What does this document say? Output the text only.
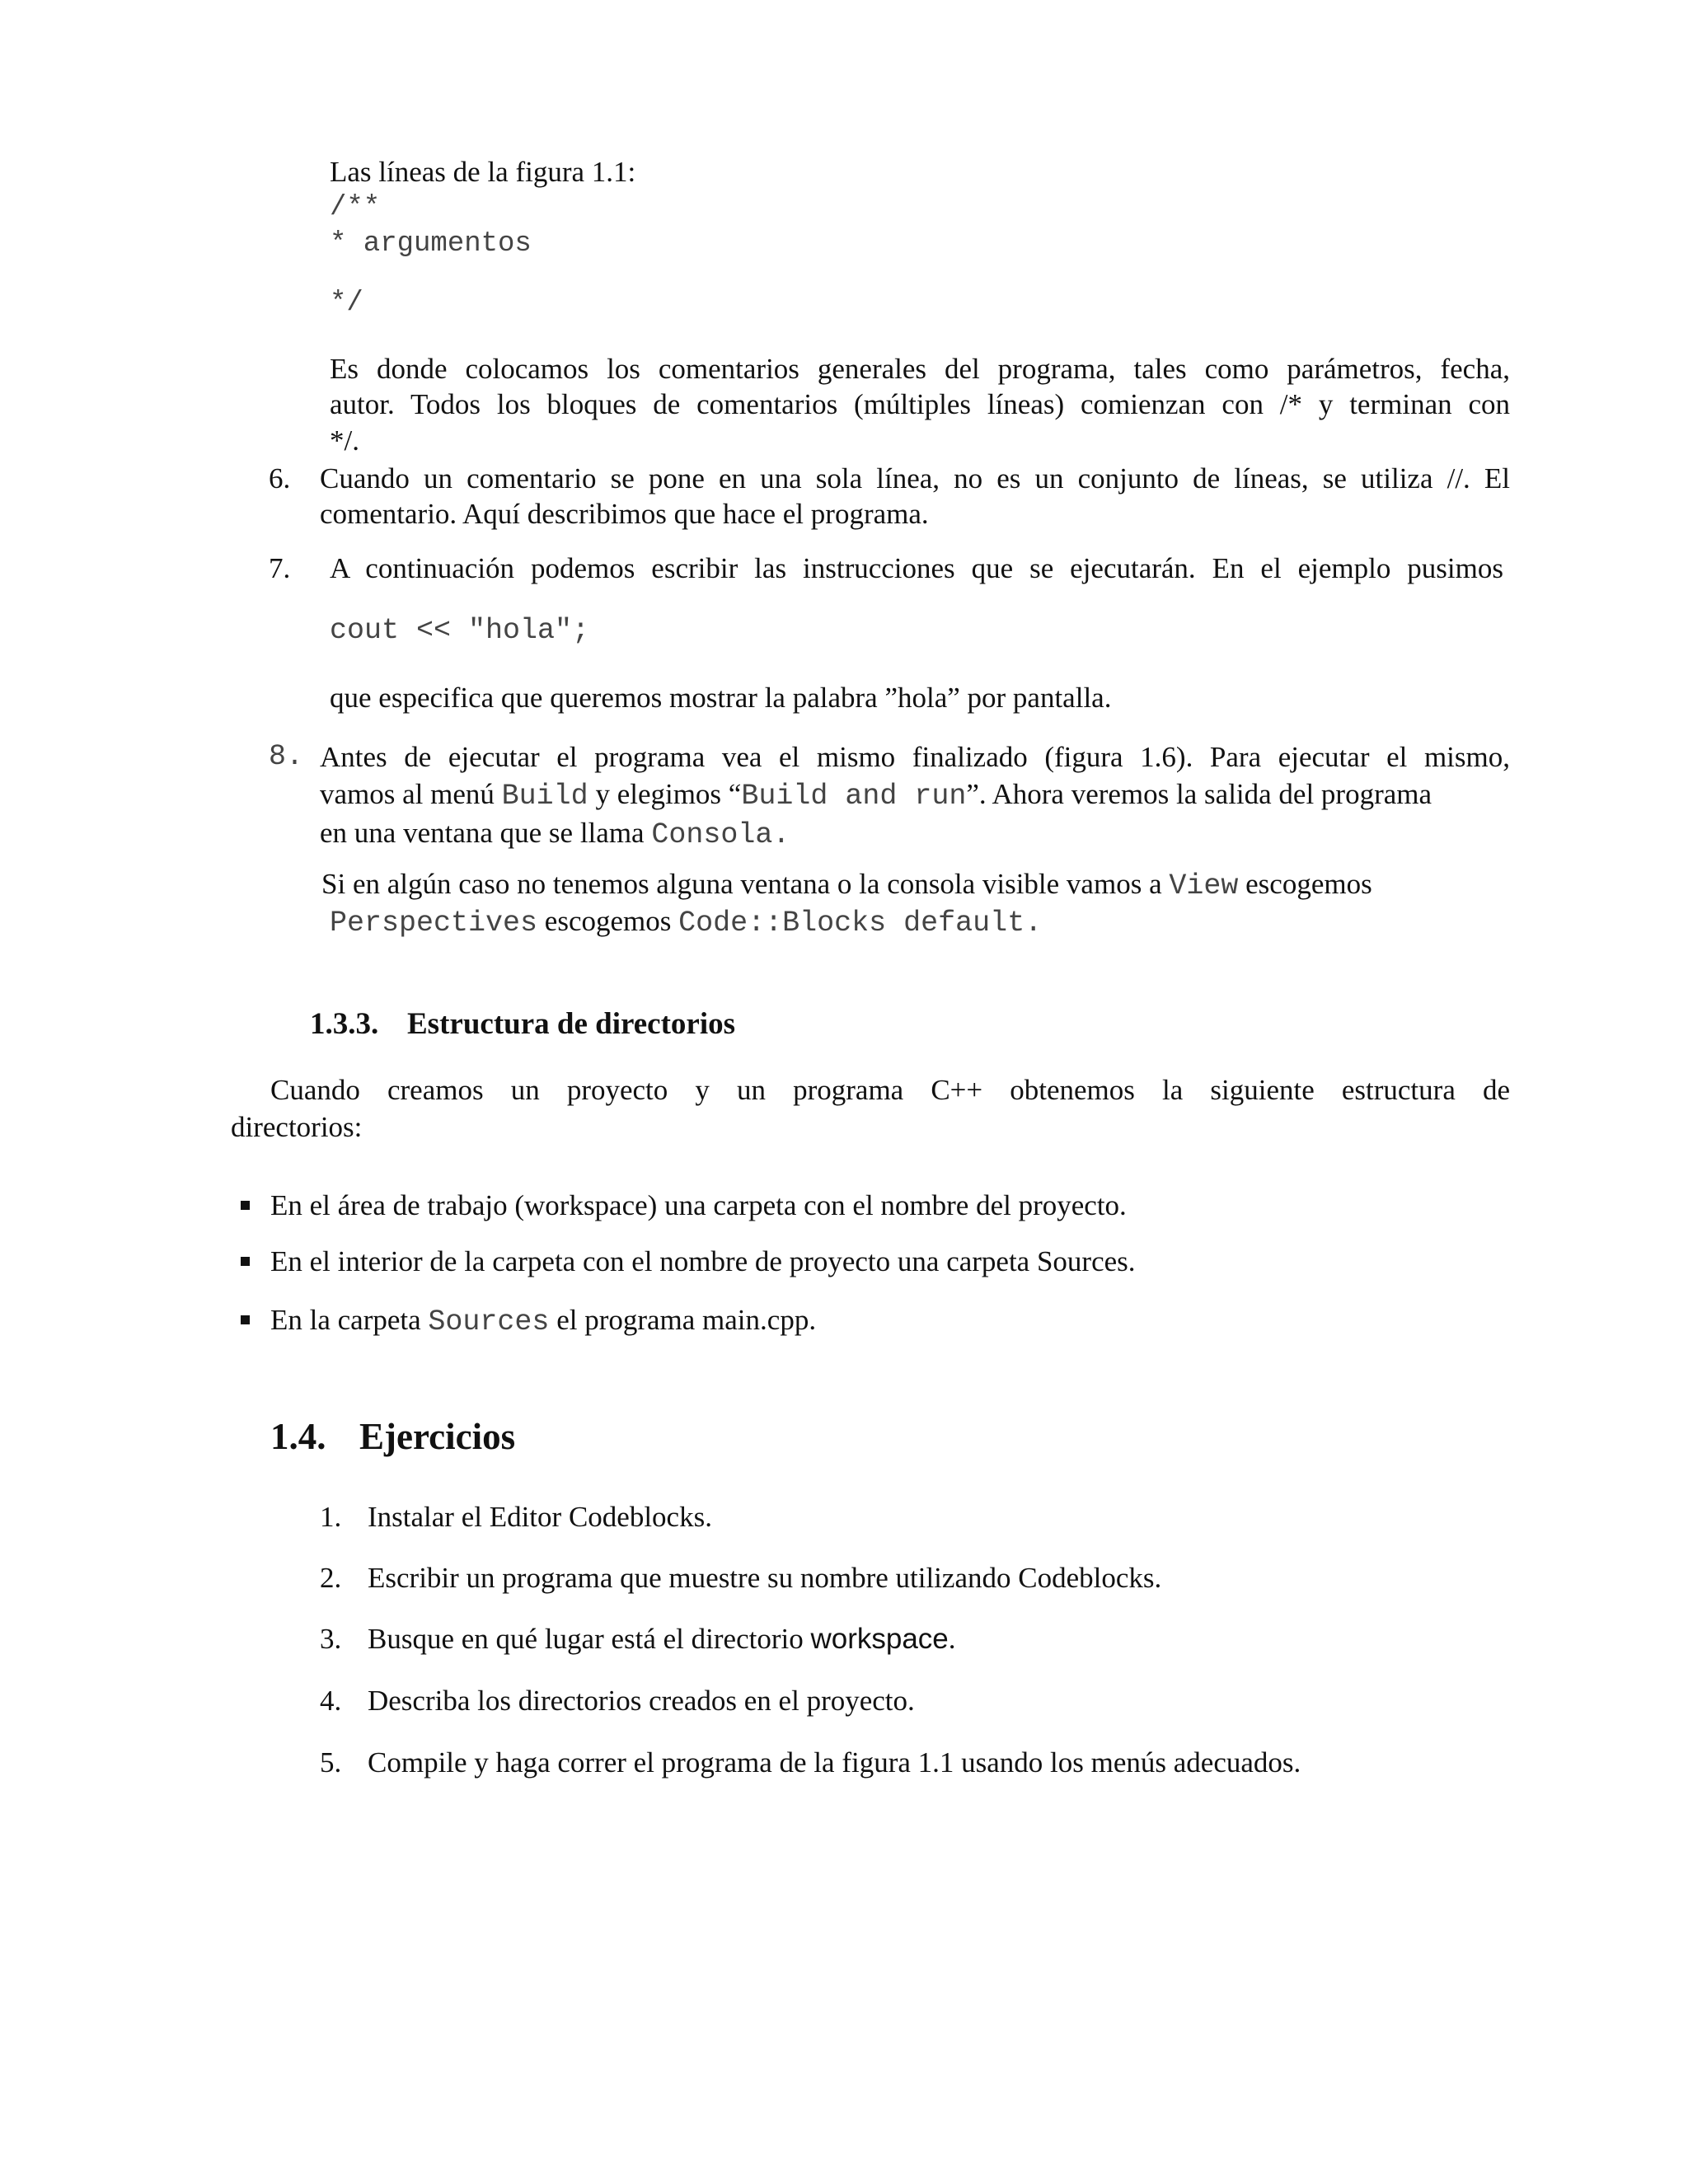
Las líneas de la figura 1.1:
/**
* argumentos
*/
Es donde colocamos los comentarios generales del programa, tales como parámetros, fecha,
autor. Todos los bloques de comentarios (múltiples líneas) comienzan con /* y terminan con
*/.
6. Cuando un comentario se pone en una sola línea, no es un conjunto de líneas, se utiliza //. El
comentario. Aquí describimos que hace el programa.
7. A continuación podemos escribir las instrucciones que se ejecutarán. En el ejemplo pusimos
cout << "hola";
que especifica que queremos mostrar la palabra ”hola” por pantalla.
8. Antes de ejecutar el programa vea el mismo finalizado (figura 1.6). Para ejecutar el mismo,
vamos al menú Build y elegimos “Build and run”. Ahora veremos la salida del programa
en una ventana que se llama Consola.
Si en algún caso no tenemos alguna ventana o la consola visible vamos a View escogemos
Perspectives escogemos Code::Blocks default.
1.3.3. Estructura de directorios
Cuando creamos un proyecto y un programa C++ obtenemos la siguiente estructura de
directorios:
En el área de trabajo (workspace) una carpeta con el nombre del proyecto.
En el interior de la carpeta con el nombre de proyecto una carpeta Sources.
En la carpeta Sources el programa main.cpp.
1.4. Ejercicios
1. Instalar el Editor Codeblocks.
2. Escribir un programa que muestre su nombre utilizando Codeblocks.
3. Busque en qué lugar está el directorio workspace.
4. Describa los directorios creados en el proyecto.
5. Compile y haga correr el programa de la figura 1.1 usando los menús adecuados.
